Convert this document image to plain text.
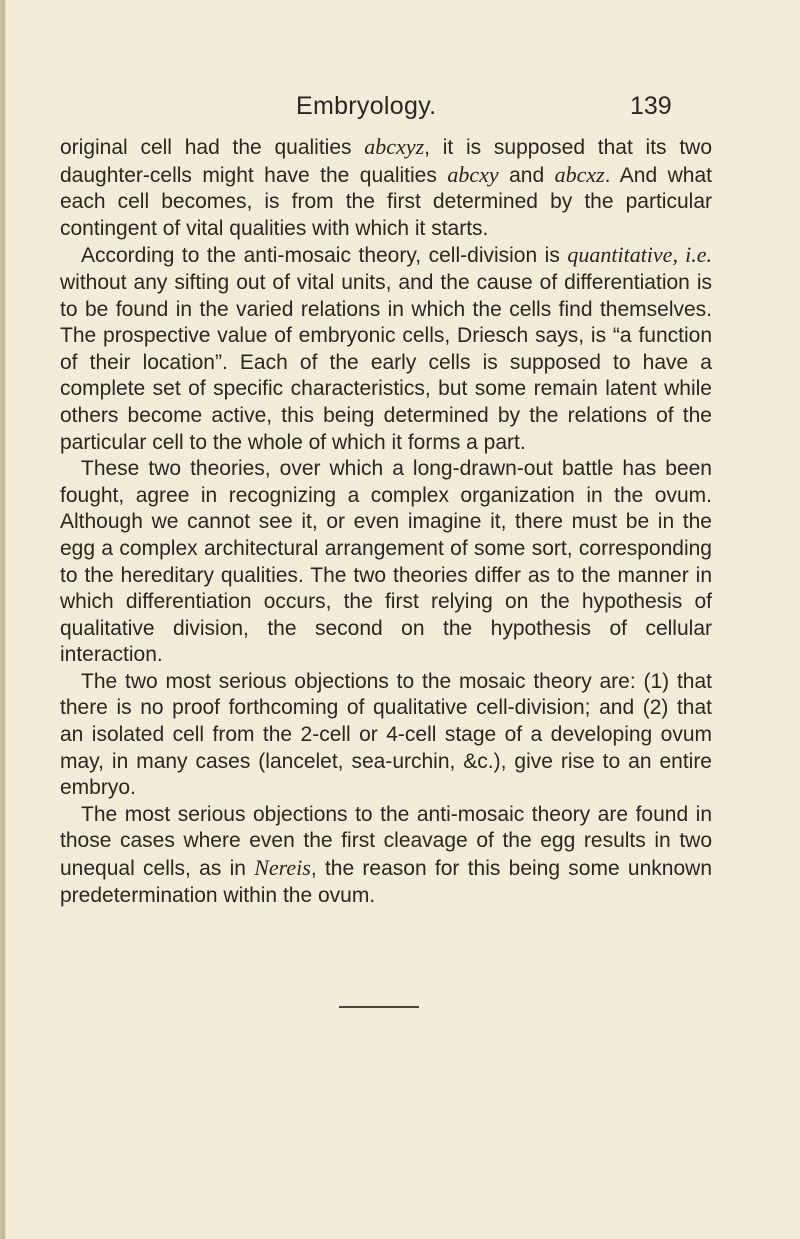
Embryology.	139

original cell had the qualities abcxyz, it is supposed that its two daughter-cells might have the qualities abcxy and abcxz. And what each cell becomes, is from the first determined by the particular contingent of vital qualities with which it starts.

According to the anti-mosaic theory, cell-division is quantitative, i.e. without any sifting out of vital units, and the cause of differentiation is to be found in the varied relations in which the cells find themselves. The prospective value of embryonic cells, Driesch says, is “a function of their location”. Each of the early cells is supposed to have a complete set of specific characteristics, but some remain latent while others become active, this being determined by the relations of the particular cell to the whole of which it forms a part.

These two theories, over which a long-drawn-out battle has been fought, agree in recognizing a complex organization in the ovum. Although we cannot see it, or even imagine it, there must be in the egg a complex architectural arrangement of some sort, corresponding to the hereditary qualities. The two theories differ as to the manner in which differentiation occurs, the first relying on the hypothesis of qualitative division, the second on the hypothesis of cellular interaction.

The two most serious objections to the mosaic theory are: (1) that there is no proof forthcoming of qualitative cell-division; and (2) that an isolated cell from the 2-cell or 4-cell stage of a developing ovum may, in many cases (lancelet, sea-urchin, &c.), give rise to an entire embryo.

The most serious objections to the anti-mosaic theory are found in those cases where even the first cleavage of the egg results in two unequal cells, as in Nereis, the reason for this being some unknown predetermination within the ovum.
